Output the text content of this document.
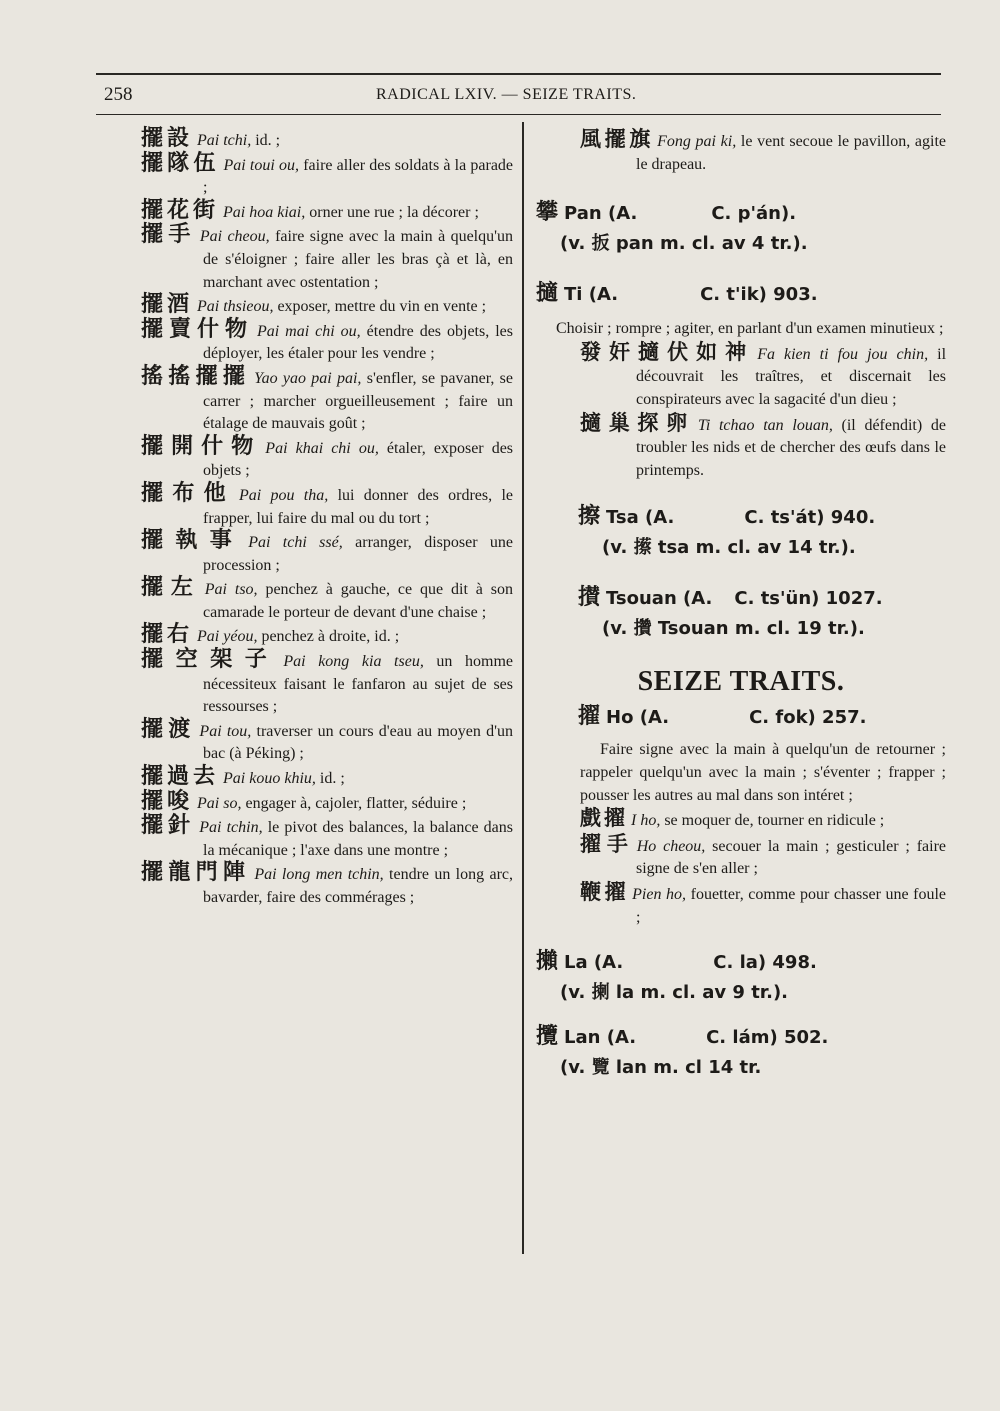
258	RADICAL LXIV. — SEIZE TRAITS.
擺設 Pai tchi, id. ;
擺隊伍 Pai toui ou, faire aller des soldats à la parade ;
擺花街 Pai hoa kiai, orner une rue ; la décorer ;
擺手 Pai cheou, faire signe avec la main à quelqu'un de s'éloigner ; faire aller les bras çà et là, en marchant avec ostentation ;
擺酒 Pai thsieou, exposer, mettre du vin en vente ;
擺賣什物 Pai mai chi ou, étendre des objets, les déployer, les étaler pour les vendre ;
搖搖擺擺 Yao yao pai pai, s'enfler, se pavaner, se carrer ; marcher orgueilleusement ; faire un étalage de mauvais goût ;
擺開什物 Pai khai chi ou, étaler, exposer des objets ;
擺布他 Pai pou tha, lui donner des ordres, le frapper, lui faire du mal ou du tort ;
擺執事 Pai tchi ssé, arranger, disposer une procession ;
擺左 Pai tso, penchez à gauche, ce que dit à son camarade le porteur de devant d'une chaise ;
擺右 Pai yéou, penchez à droite, id. ;
擺空架子 Pai kong kia tseu, un homme nécessiteux faisant le fanfaron au sujet de ses ressourses ;
擺渡 Pai tou, traverser un cours d'eau au moyen d'un bac (à Péking) ;
擺過去 Pai kouo khiu, id. ;
擺唆 Pai so, engager à, cajoler, flatter, séduire ;
擺針 Pai tchin, le pivot des balances, la balance dans la mécanique ; l'axe dans une montre ;
擺龍門陣 Pai long men tchin, tendre un long arc, bavarder, faire des commérages ;
風擺旗 Fong pai ki, le vent secoue le pavillon, agite le drapeau.
攀 Pan (A.	C. p'án).
(v. 扳 pan m. cl. av 4 tr.).
擿 Ti (A.	C. t'ik) 903.
Choisir ; rompre ; agiter, en parlant d'un examen minutieux ;
發奸擿伏如神 Fa kien ti fou jou chin, il découvrait les traîtres, et discernait les conspirateurs avec la sagacité d'un dieu ;
擿巢探卵 Ti tchao tan louan, (il défendit) de troubler les nids et de chercher des œufs dans le printemps.
擦 Tsa (A.	C. ts'át) 940.
(v. 攃 tsa m. cl. av 14 tr.).
攅 Tsouan (A. C. ts'ün) 1027.
(v. 攢 Tsouan m. cl. 19 tr.).
SEIZE TRAITS.
擢 Ho (A.	C. fok) 257.
Faire signe avec la main à quelqu'un de retourner ; rappeler quelqu'un avec la main ; s'éventer ; frapper ; pousser les autres au mal dans son intéret ;
戲擢 I ho, se moquer de, tourner en ridicule ;
擢手 Ho cheou, secouer la main ; gesticuler ; faire signe de s'en aller ;
鞭擢 Pien ho, fouetter, comme pour chasser une foule ;
攋 La (A.	C. la) 498.
(v. 揦 la m. cl. av 9 tr.).
攬 Lan (A.	C. lám) 502.
(v. 覽 lan m. cl 14 tr.
